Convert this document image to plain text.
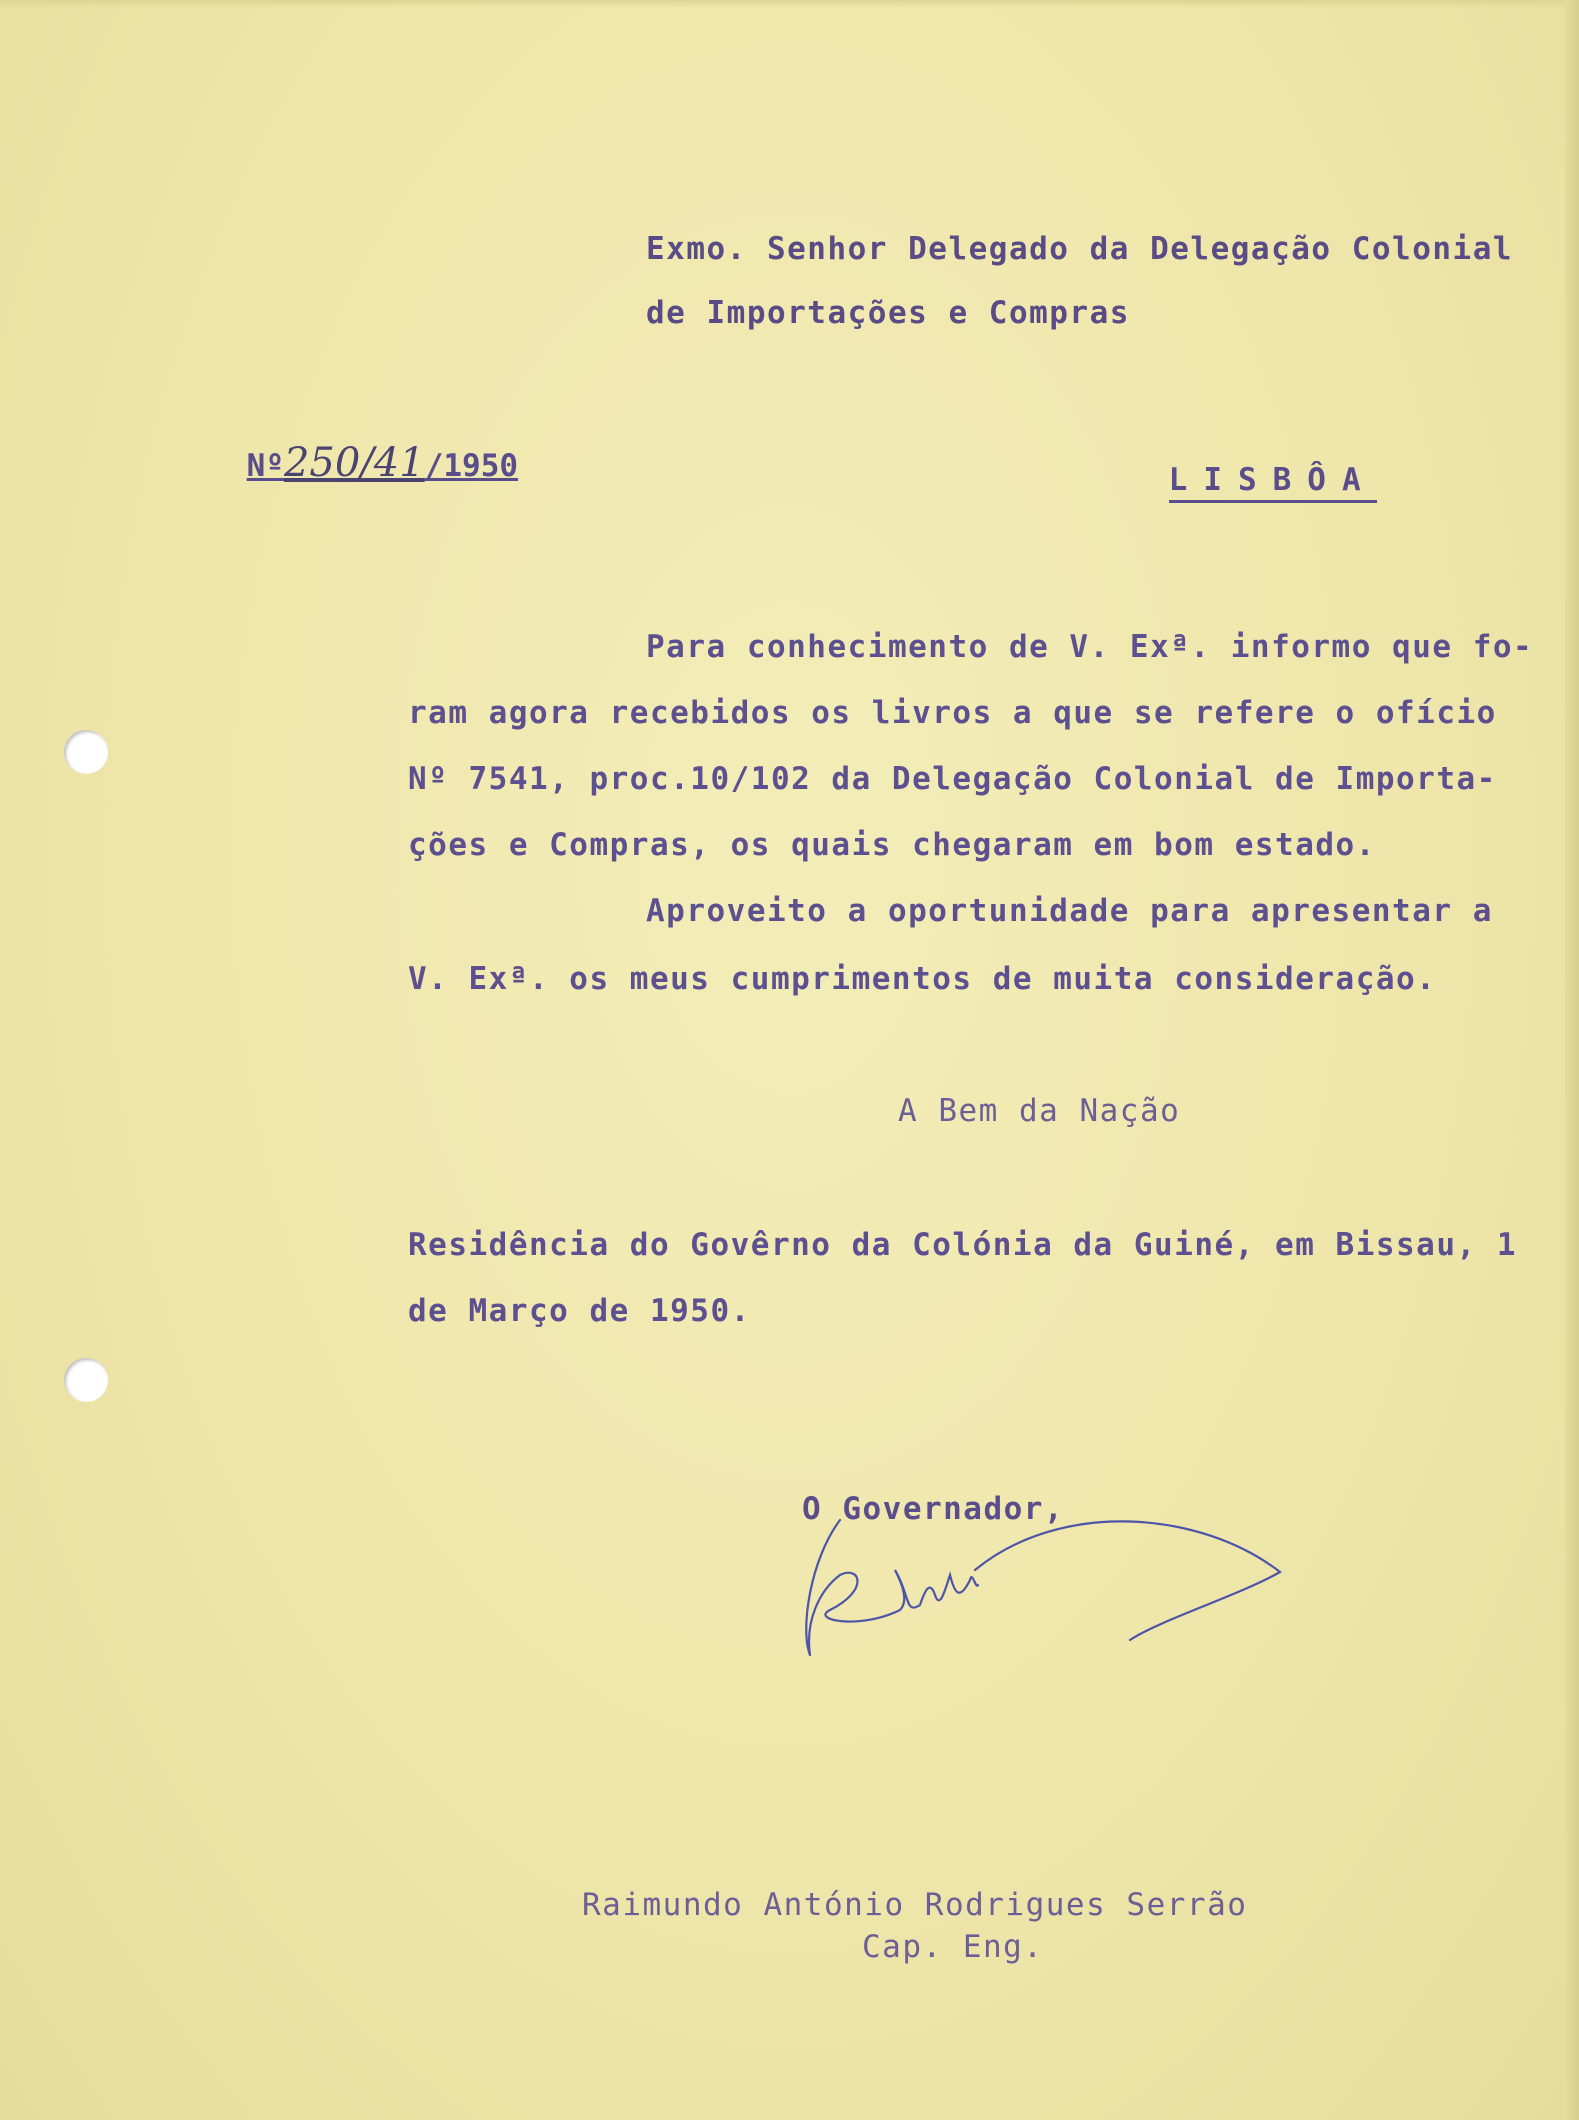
Exmo. Senhor Delegado da Delegação Colonial
de Importações e Compras

Nº250/41/1950
	LISBÔA

Para conhecimento de V. Exª. informo que fo-
ram agora recebidos os livros a que se refere o ofício
Nº 7541, proc.10/102 da Delegação Colonial de Importa-
ções e Compras, os quais chegaram em bom estado.
Aproveito a oportunidade para apresentar a
V. Exª. os meus cumprimentos de muita consideração.
A Bem da Nação
Residência do Govêrno da Colónia da Guiné, em Bissau, 1
de Março de 1950.
O Governador,
Raimundo António Rodrigues Serrão
Cap. Eng.
